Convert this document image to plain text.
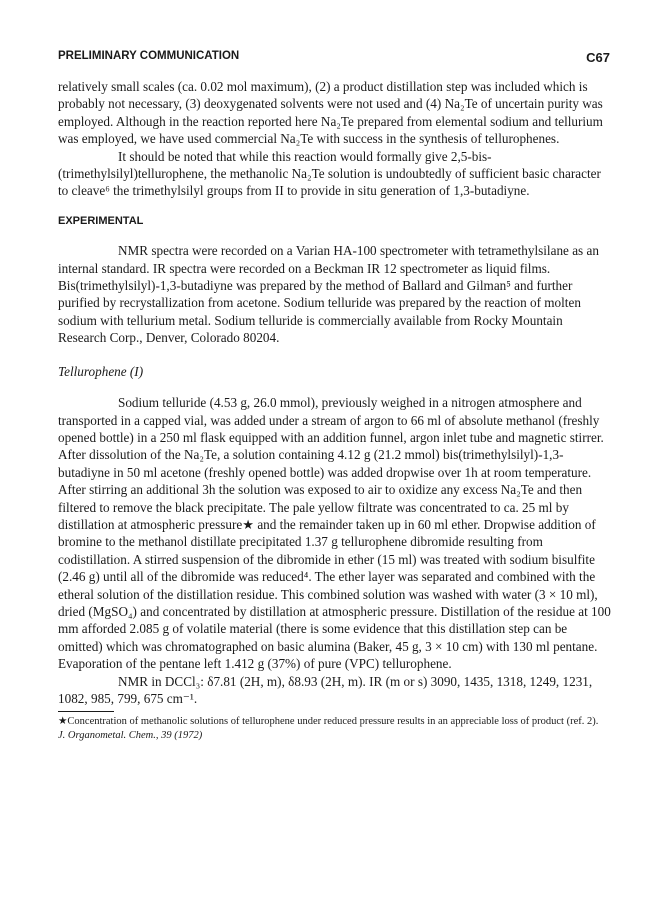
PRELIMINARY COMMUNICATION	C67

relatively small scales (ca. 0.02 mol maximum), (2) a product distillation step was included which is probably not necessary, (3) deoxygenated solvents were not used and (4) Na₂Te of uncertain purity was employed. Although in the reaction reported here Na₂Te prepared from elemental sodium and tellurium was employed, we have used commercial Na₂Te with success in the synthesis of tellurophenes.

It should be noted that while this reaction would formally give 2,5-bis-(trimethylsilyl)tellurophene, the methanolic Na₂Te solution is undoubtedly of sufficient basic character to cleave⁶ the trimethylsilyl groups from II to provide in situ generation of 1,3-butadiyne.

EXPERIMENTAL

NMR spectra were recorded on a Varian HA-100 spectrometer with tetramethylsilane as an internal standard. IR spectra were recorded on a Beckman IR 12 spectrometer as liquid films. Bis(trimethylsilyl)-1,3-butadiyne was prepared by the method of Ballard and Gilman⁵ and further purified by recrystallization from acetone. Sodium telluride was prepared by the reaction of molten sodium with tellurium metal. Sodium telluride is commercially available from Rocky Mountain Research Corp., Denver, Colorado 80204.

Tellurophene (I)

Sodium telluride (4.53 g, 26.0 mmol), previously weighed in a nitrogen atmosphere and transported in a capped vial, was added under a stream of argon to 66 ml of absolute methanol (freshly opened bottle) in a 250 ml flask equipped with an addition funnel, argon inlet tube and magnetic stirrer. After dissolution of the Na₂Te, a solution containing 4.12 g (21.2 mmol) bis(trimethylsilyl)-1,3-butadiyne in 50 ml acetone (freshly opened bottle) was added dropwise over 1h at room temperature. After stirring an additional 3h the solution was exposed to air to oxidize any excess Na₂Te and then filtered to remove the black precipitate. The pale yellow filtrate was concentrated to ca. 25 ml by distillation at atmospheric pressure★ and the remainder taken up in 60 ml ether. Dropwise addition of bromine to the methanol distillate precipitated 1.37 g tellurophene dibromide resulting from codistillation. A stirred suspension of the dibromide in ether (15 ml) was treated with sodium bisulfite (2.46 g) until all of the dibromide was reduced⁴. The ether layer was separated and combined with the etheral solution of the distillation residue. This combined solution was washed with water (3 × 10 ml), dried (MgSO₄) and concentrated by distillation at atmospheric pressure. Distillation of the residue at 100 mm afforded 2.085 g of volatile material (there is some evidence that this distillation step can be omitted) which was chromatographed on basic alumina (Baker, 45 g, 3 × 10 cm) with 130 ml pentane. Evaporation of the pentane left 1.412 g (37%) of pure (VPC) tellurophene.

NMR in DCCl₃: δ7.81 (2H, m), δ8.93 (2H, m). IR (m or s) 3090, 1435, 1318, 1249, 1231, 1082, 985, 799, 675 cm⁻¹.

★Concentration of methanolic solutions of tellurophene under reduced pressure results in an appreciable loss of product (ref. 2).

J. Organometal. Chem., 39 (1972)
